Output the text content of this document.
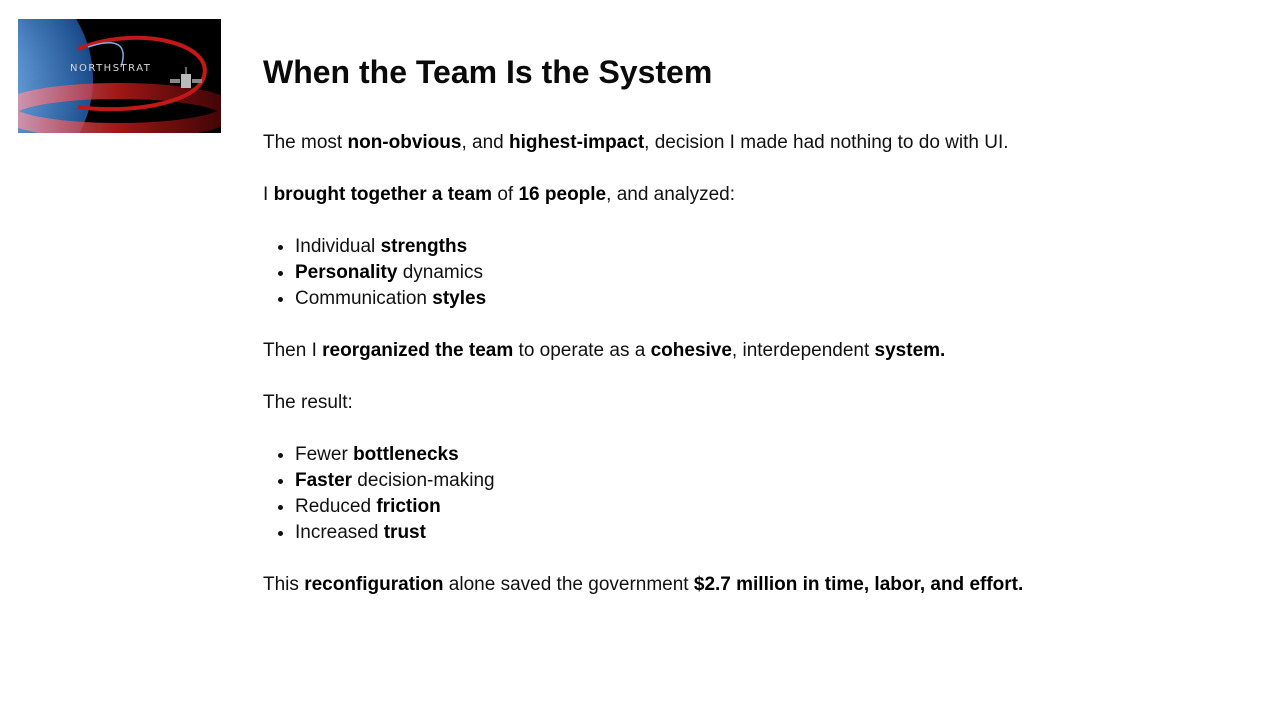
NORTHSTRAT	When the Team Is the System

The most non-obvious, and highest-impact, decision I made had nothing to do with UI.

I brought together a team of 16 people, and analyzed:

• Individual strengths
• Personality dynamics
• Communication styles

Then I reorganized the team to operate as a cohesive, interdependent system.

The result:

• Fewer bottlenecks
• Faster decision-making
• Reduced friction
• Increased trust

This reconfiguration alone saved the government $2.7 million in time, labor, and effort.
